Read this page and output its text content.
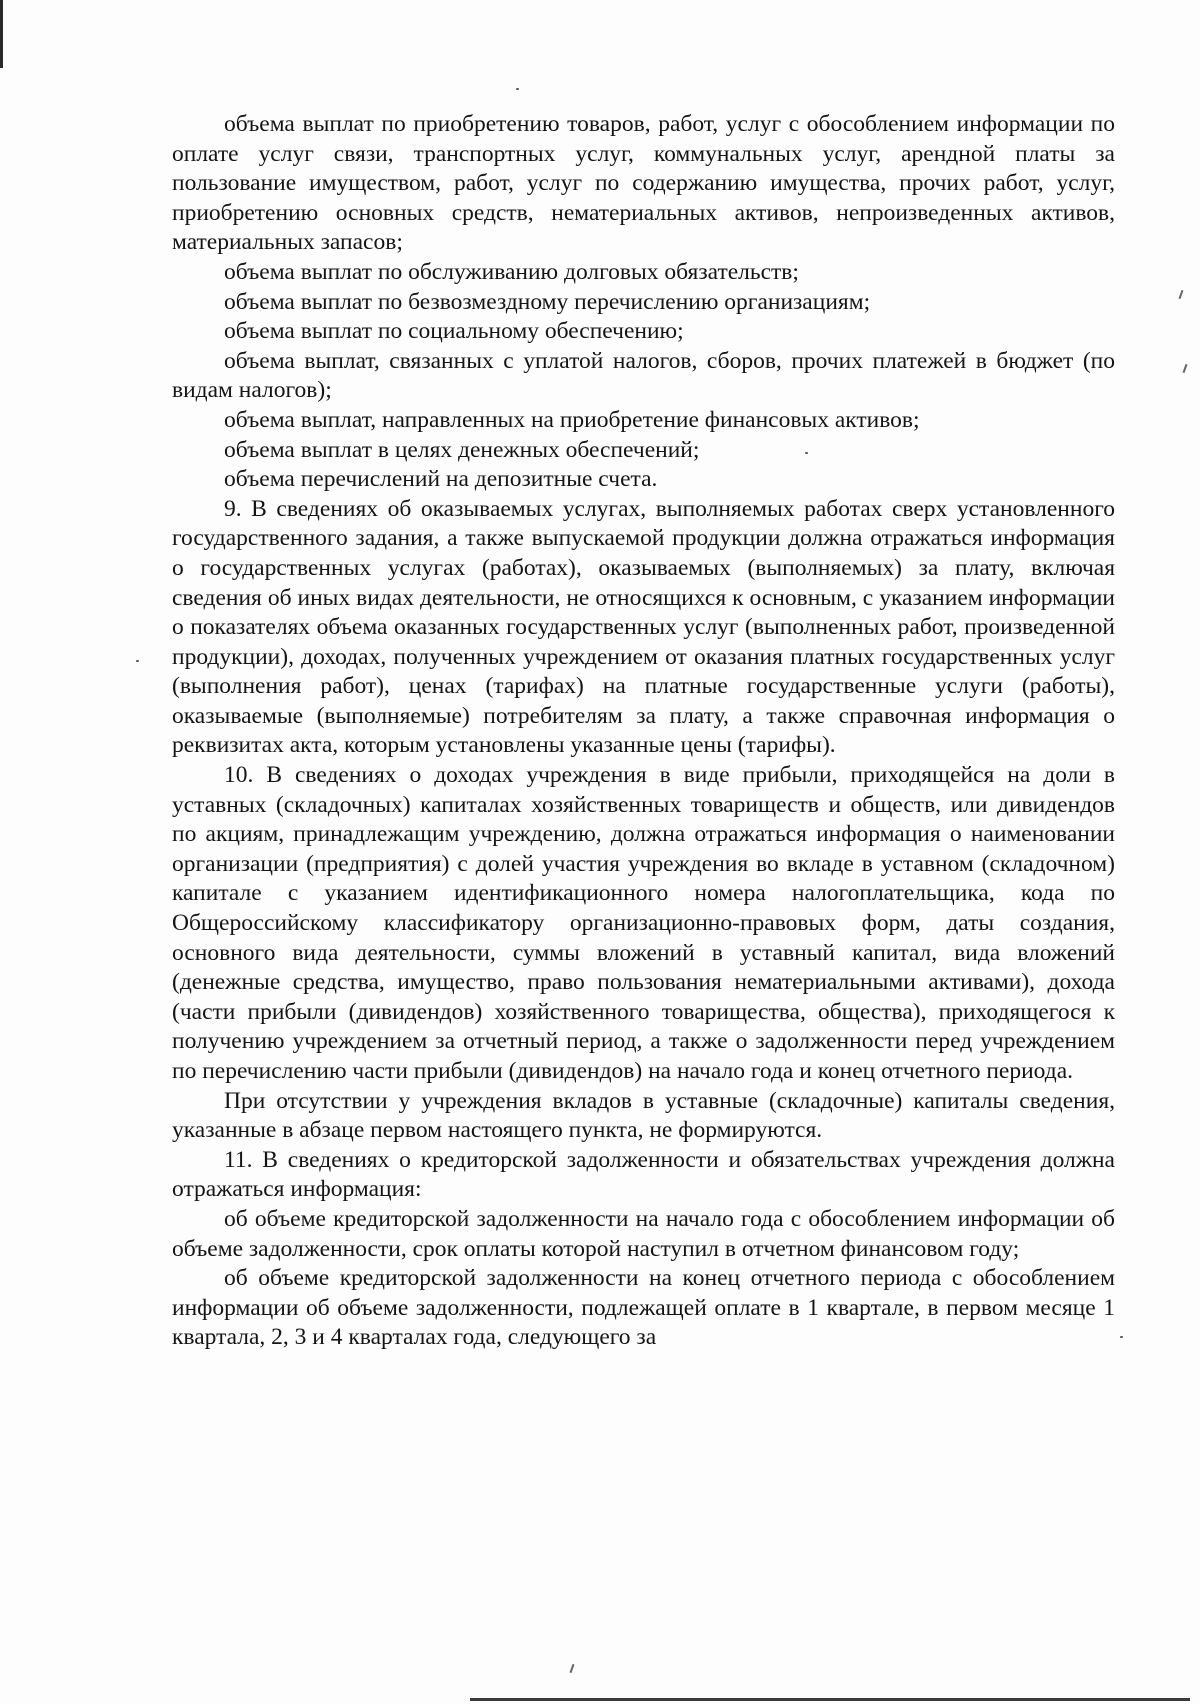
объема выплат по приобретению товаров, работ, услуг с обособлением информации по оплате услуг связи, транспортных услуг, коммунальных услуг, арендной платы за пользование имуществом, работ, услуг по содержанию имущества, прочих работ, услуг, приобретению основных средств, нематериальных активов, непроизведенных активов, материальных запасов;

объема выплат по обслуживанию долговых обязательств;

объема выплат по безвозмездному перечислению организациям;

объема выплат по социальному обеспечению;

объема выплат, связанных с уплатой налогов, сборов, прочих платежей в бюджет (по видам налогов);

объема выплат, направленных на приобретение финансовых активов;

объема выплат в целях денежных обеспечений;

объема перечислений на депозитные счета.

9. В сведениях об оказываемых услугах, выполняемых работах сверх установленного государственного задания, а также выпускаемой продукции должна отражаться информация о государственных услугах (работах), оказываемых (выполняемых) за плату, включая сведения об иных видах деятельности, не относящихся к основным, с указанием информации о показателях объема оказанных государственных услуг (выполненных работ, произведенной продукции), доходах, полученных учреждением от оказания платных государственных услуг (выполнения работ), ценах (тарифах) на платные государственные услуги (работы), оказываемые (выполняемые) потребителям за плату, а также справочная информация о реквизитах акта, которым установлены указанные цены (тарифы).

10. В сведениях о доходах учреждения в виде прибыли, приходящейся на доли в уставных (складочных) капиталах хозяйственных товариществ и обществ, или дивидендов по акциям, принадлежащим учреждению, должна отражаться информация о наименовании организации (предприятия) с долей участия учреждения во вкладе в уставном (складочном) капитале с указанием идентификационного номера налогоплательщика, кода по Общероссийскому классификатору организационно-правовых форм, даты создания, основного вида деятельности, суммы вложений в уставный капитал, вида вложений (денежные средства, имущество, право пользования нематериальными активами), дохода (части прибыли (дивидендов) хозяйственного товарищества, общества), приходящегося к получению учреждением за отчетный период, а также о задолженности перед учреждением по перечислению части прибыли (дивидендов) на начало года и конец отчетного периода.

При отсутствии у учреждения вкладов в уставные (складочные) капиталы сведения, указанные в абзаце первом настоящего пункта, не формируются.

11. В сведениях о кредиторской задолженности и обязательствах учреждения должна отражаться информация:

об объеме кредиторской задолженности на начало года с обособлением информации об объеме задолженности, срок оплаты которой наступил в отчетном финансовом году;

об объеме кредиторской задолженности на конец отчетного периода с обособлением информации об объеме задолженности, подлежащей оплате в 1 квартале, в первом месяце 1 квартала, 2, 3 и 4 кварталах года, следующего за
